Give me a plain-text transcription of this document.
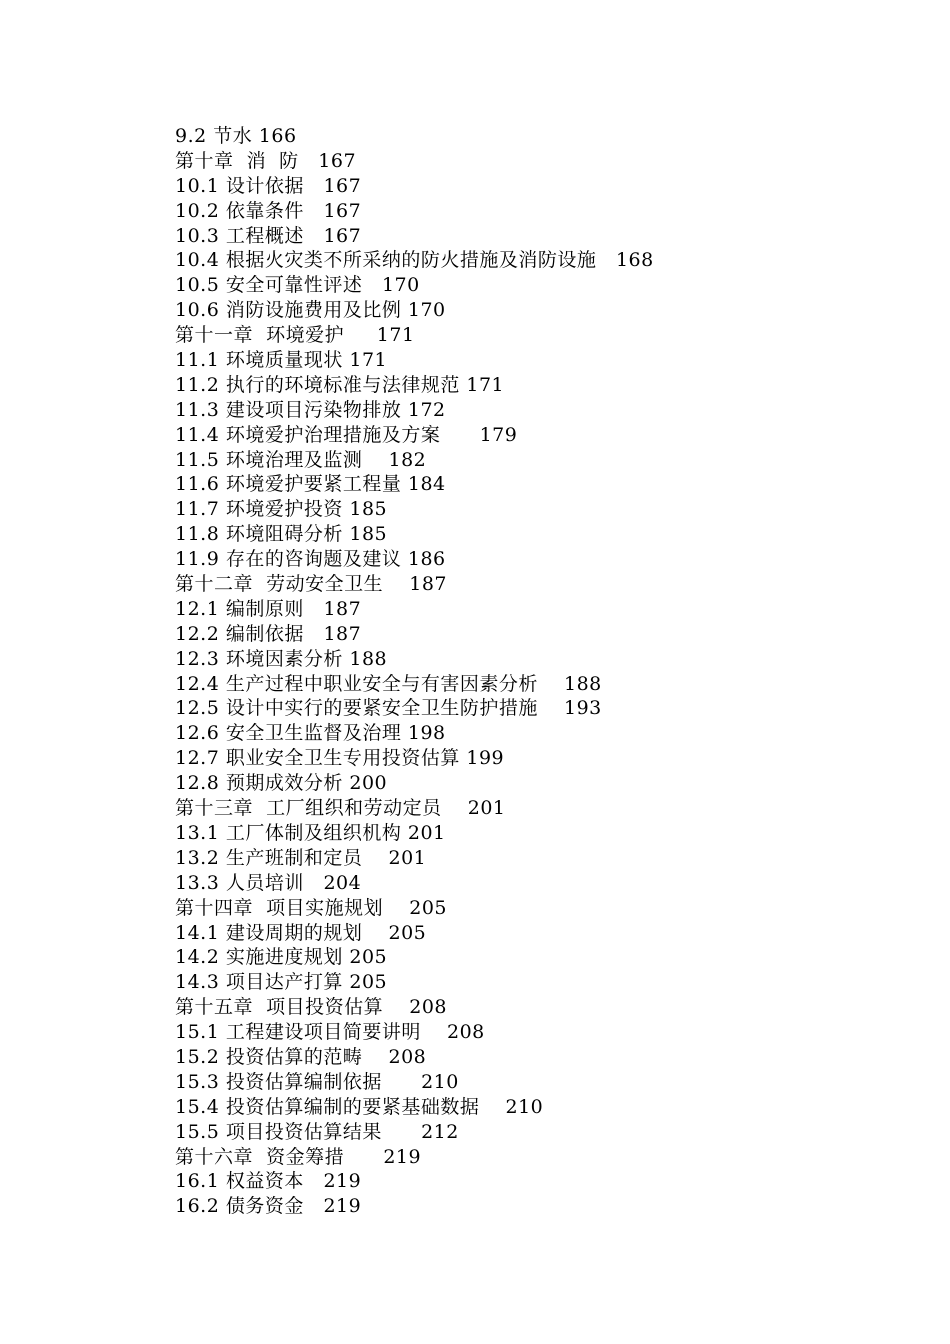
9.2 节水 166
第十章  消  防   167
10.1 设计依据   167
10.2 依靠条件   167
10.3 工程概述   167
10.4 根据火灾类不所采纳的防火措施及消防设施   168
10.5 安全可靠性评述   170
10.6 消防设施费用及比例 170
第十一章  环境爱护     171
11.1 环境质量现状 171
11.2 执行的环境标准与法律规范 171
11.3 建设项目污染物排放 172
11.4 环境爱护治理措施及方案      179
11.5 环境治理及监测    182
11.6 环境爱护要紧工程量 184
11.7 环境爱护投资 185
11.8 环境阻碍分析 185
11.9 存在的咨询题及建议 186
第十二章  劳动安全卫生    187
12.1 编制原则   187
12.2 编制依据   187
12.3 环境因素分析 188
12.4 生产过程中职业安全与有害因素分析    188
12.5 设计中实行的要紧安全卫生防护措施    193
12.6 安全卫生监督及治理 198
12.7 职业安全卫生专用投资估算 199
12.8 预期成效分析 200
第十三章  工厂组织和劳动定员    201
13.1 工厂体制及组织机构 201
13.2 生产班制和定员    201
13.3 人员培训   204
第十四章  项目实施规划    205
14.1 建设周期的规划    205
14.2 实施进度规划 205
14.3 项目达产打算 205
第十五章  项目投资估算    208
15.1 工程建设项目简要讲明    208
15.2 投资估算的范畴    208
15.3 投资估算编制依据      210
15.4 投资估算编制的要紧基础数据    210
15.5 项目投资估算结果      212
第十六章  资金筹措      219
16.1 权益资本   219
16.2 债务资金   219
